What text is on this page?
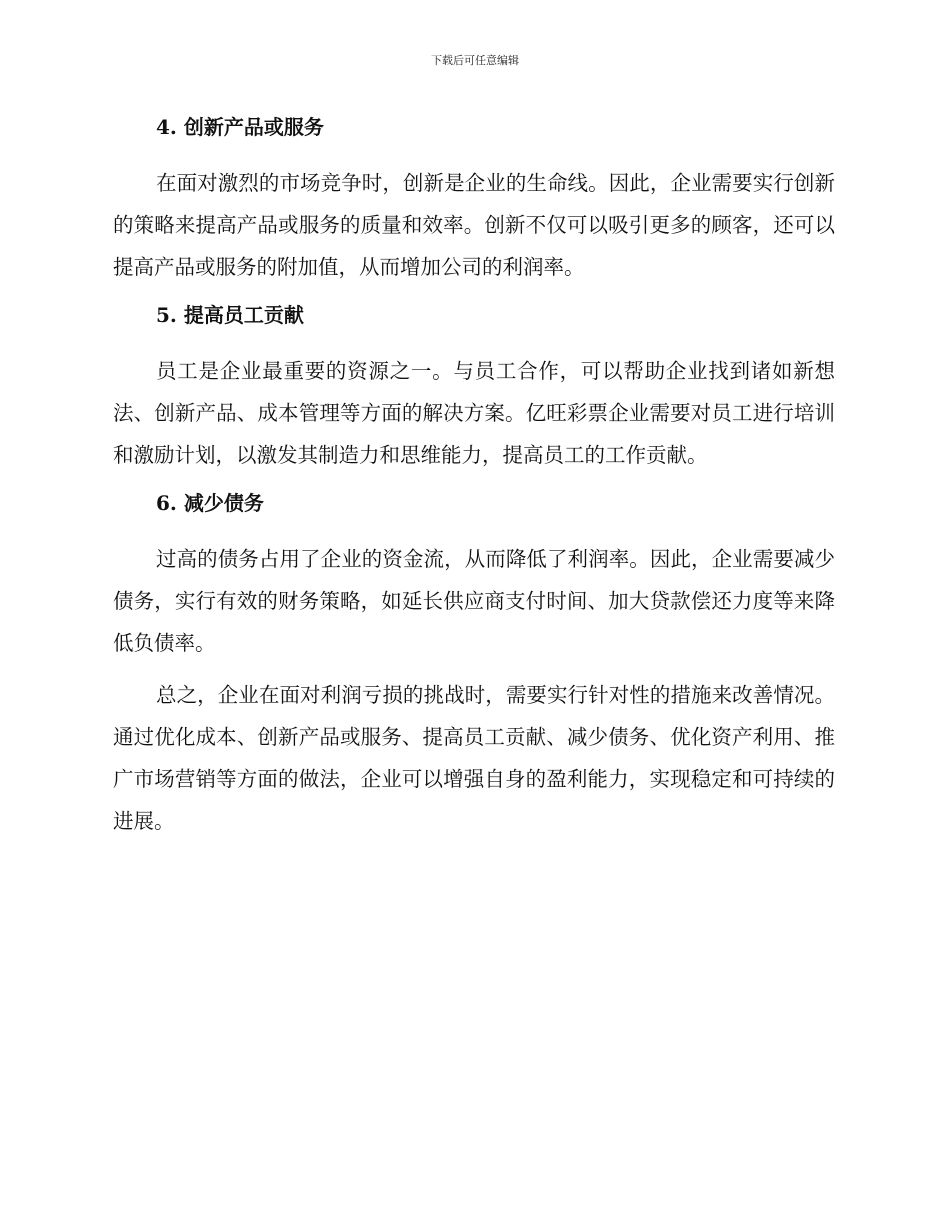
下载后可任意编辑
4. 创新产品或服务

在面对激烈的市场竞争时，创新是企业的生命线。因此，企业需要实行创新的策略来提高产品或服务的质量和效率。创新不仅可以吸引更多的顾客，还可以提高产品或服务的附加值，从而增加公司的利润率。

5. 提高员工贡献

员工是企业最重要的资源之一。与员工合作，可以帮助企业找到诸如新想法、创新产品、成本管理等方面的解决方案。亿旺彩票企业需要对员工进行培训和激励计划，以激发其制造力和思维能力，提高员工的工作贡献。

6. 减少债务

过高的债务占用了企业的资金流，从而降低了利润率。因此，企业需要减少债务，实行有效的财务策略，如延长供应商支付时间、加大贷款偿还力度等来降低负债率。

总之，企业在面对利润亏损的挑战时，需要实行针对性的措施来改善情况。通过优化成本、创新产品或服务、提高员工贡献、减少债务、优化资产利用、推广市场营销等方面的做法，企业可以增强自身的盈利能力，实现稳定和可持续的进展。
